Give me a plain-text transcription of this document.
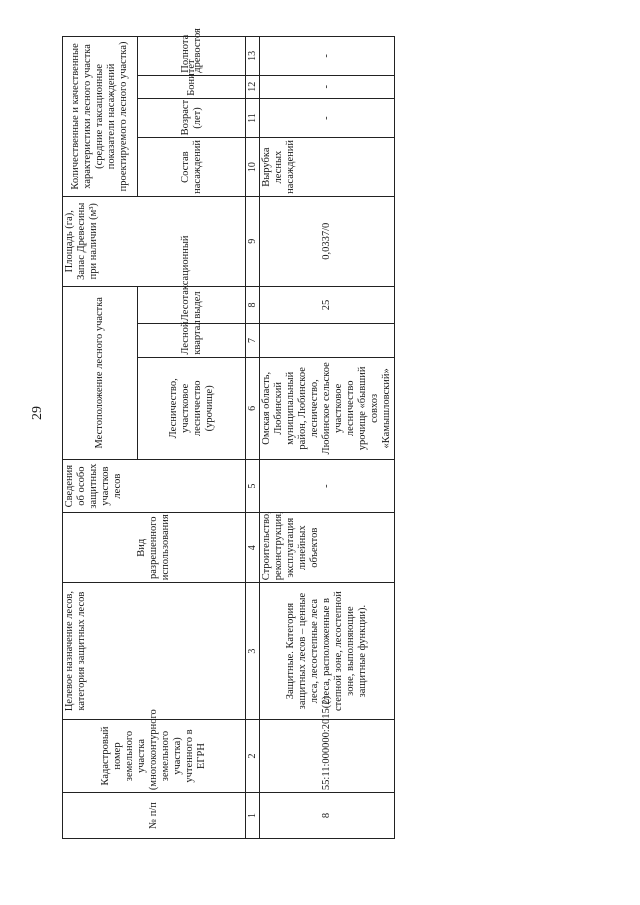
29
№ п/п	Кадастровый номер земельного участка (многоконтурного земельного участка) учтенного в ЕГРН	Целевое назначение лесов, категория защитных лесов	Вид разрешенного использования	Сведения об особо защитных участков лесов	Местоположение лесного участка			Площадь (га), Запас Древесины при наличии (м³)	Количественные и качественные характеристики лесного участка (средние таксационные показатели насаждений проектируемого лесного участка)			
					Лесничество, участковое лесничество (урочище)	Лесной квартал	Лесотаксационный выдел		Состав насаждений	Возраст (лет)	Бонитет	Полнота древостоя
1	2	3	4	5	6	7	8	9	10	11	12	13
8	55:11:000000:2015(2)	Защитные. Категория защитных лесов – ценные леса, лесостепные леса (леса, расположенные в степной зоне, лесостепной зоне, выполняющие защитные функции).	Строительство, реконструкция, эксплуатация линейных объектов	-	Омская область, Любинский муниципальный район, Любинское лесничество, Любинское сельское участковое лесничество урочище «бывший совхоз «Камышловский»		25	0,0337/0	Вырубка лесных насаждений	-	-	-
